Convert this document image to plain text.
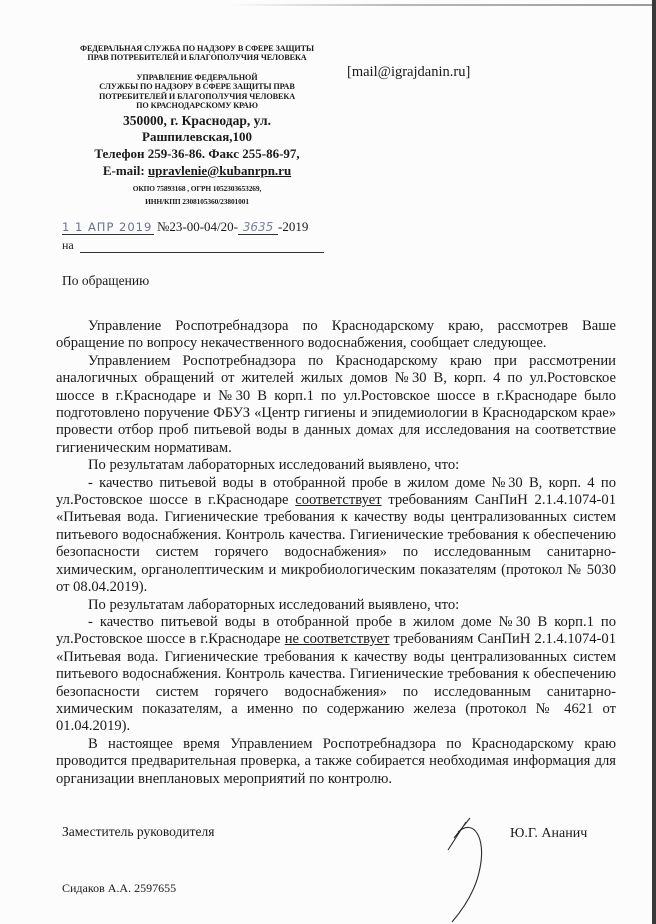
ФЕДЕРАЛЬНАЯ СЛУЖБА ПО НАДЗОРУ В СФЕРЕ ЗАЩИТЫ
ПРАВ ПОТРЕБИТЕЛЕЙ И БЛАГОПОЛУЧИЯ ЧЕЛОВЕКА
УПРАВЛЕНИЕ ФЕДЕРАЛЬНОЙ
СЛУЖБЫ ПО НАДЗОРУ В СФЕРЕ ЗАЩИТЫ ПРАВ
ПОТРЕБИТЕЛЕЙ И БЛАГОПОЛУЧИЯ ЧЕЛОВЕКА
ПО КРАСНОДАРСКОМУ КРАЮ
350000, г. Краснодар, ул.
Рашпилевская,100
Телефон 259-36-86. Факс 255-86-97,
E-mail: upravlenie@kubanrpn.ru
ОКПО 75893168 , ОГРН 1052303653269,
ИНН/КПП 2308105360/23801001
[mail@igrajdanin.ru]
1 1 АПР 2019 №23-00-04/20- 3635 -2019
на
По обращению

Управление Роспотребнадзора по Краснодарскому краю, рассмотрев Ваше обращение по вопросу некачественного водоснабжения, сообщает следующее.

Управлением Роспотребнадзора по Краснодарскому краю при рассмотрении аналогичных обращений от жителей жилых домов №30 В, корп. 4 по ул.Ростовское шоссе в г.Краснодаре и №30 В корп.1 по ул.Ростовское шоссе в г.Краснодаре было подготовлено поручение ФБУЗ «Центр гигиены и эпидемиологии в Краснодарском крае» провести отбор проб питьевой воды в данных домах для исследования на соответствие гигиеническим нормативам.

По результатам лабораторных исследований выявлено, что:

- качество питьевой воды в отобранной пробе в жилом доме №30 В, корп. 4 по ул.Ростовское шоссе в г.Краснодаре соответствует требованиям СанПиН 2.1.4.1074-01 «Питьевая вода. Гигиенические требования к качеству воды централизованных систем питьевого водоснабжения. Контроль качества. Гигиенические требования к обеспечению безопасности систем горячего водоснабжения» по исследованным санитарно-химическим, органолептическим и микробиологическим показателям (протокол № 5030 от 08.04.2019).

По результатам лабораторных исследований выявлено, что:

- качество питьевой воды в отобранной пробе в жилом доме №30 В корп.1 по ул.Ростовское шоссе в г.Краснодаре не соответствует требованиям СанПиН 2.1.4.1074-01 «Питьевая вода. Гигиенические требования к качеству воды централизованных систем питьевого водоснабжения. Контроль качества. Гигиенические требования к обеспечению безопасности систем горячего водоснабжения» по исследованным санитарно-химическим показателям, а именно по содержанию железа (протокол № 4621 от 01.04.2019).

В настоящее время Управлением Роспотребнадзора по Краснодарскому краю проводится предварительная проверка, а также собирается необходимая информация для организации внеплановых мероприятий по контролю.

Заместитель руководителя	Ю.Г. Ананич
Сидаков А.А. 2597655
